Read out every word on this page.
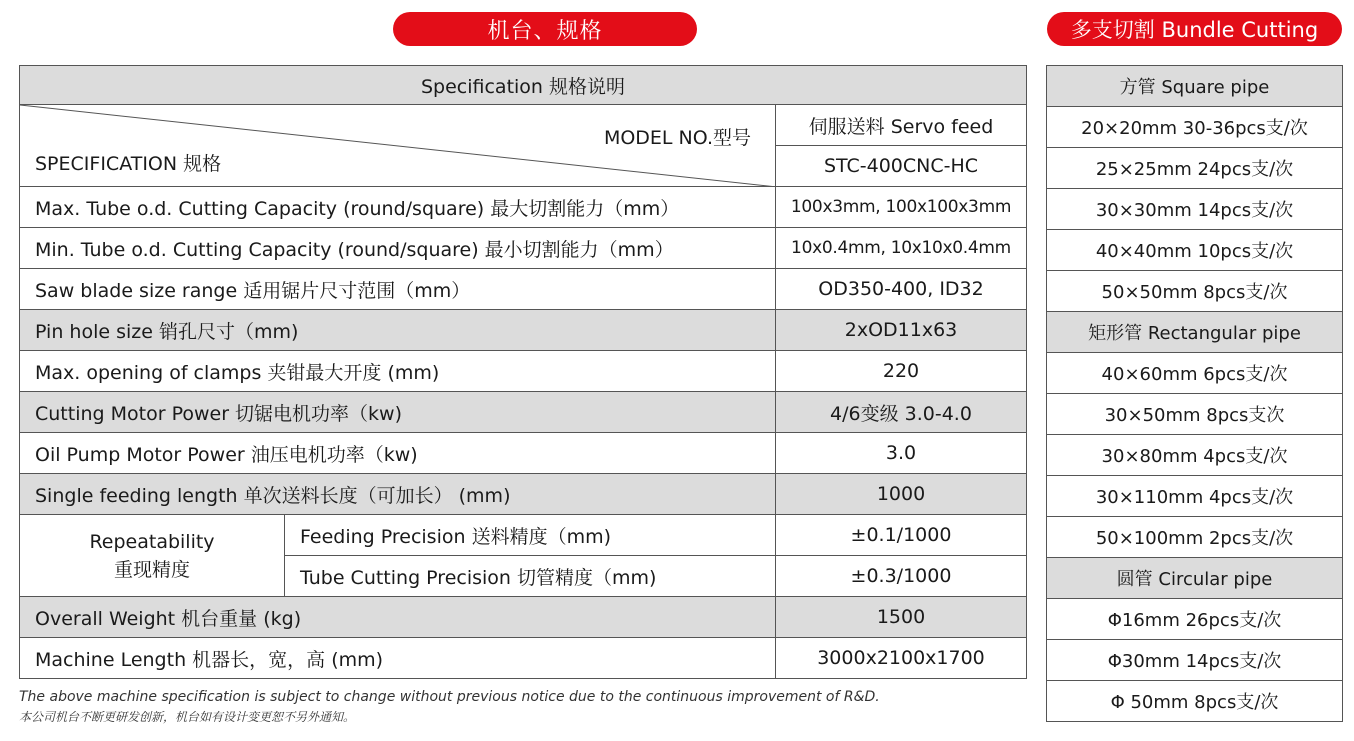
机台、规格	多支切割 Bundle Cutting
Specification 规格说明		

MODEL NO.型号
SPECIFICATION 规格		伺服送料 Servo feed
		STC-400CNC-HC
Max. Tube o.d. Cutting Capacity (round/square) 最大切割能力（mm）		100x3mm, 100x100x3mm
Min. Tube o.d. Cutting Capacity (round/square) 最小切割能力（mm）		10x0.4mm, 10x10x0.4mm
Saw blade size range 适用锯片尺寸范围（mm）		OD350-400, ID32
Pin hole size 销孔尺寸（mm)		2xOD11x63
Max. opening of clamps 夹钳最大开度 (mm)		220
Cutting Motor Power 切锯电机功率（kw)		4/6变级 3.0-4.0
Oil Pump Motor Power 油压电机功率（kw)		3.0
Single feeding length 单次送料长度（可加长） (mm)		1000

Repeatability
重现精度	Feeding Precision 送料精度（mm)	±0.1/1000
	Tube Cutting Precision 切管精度（mm)	±0.3/1000
Overall Weight 机台重量 (kg)		1500
Machine Length 机器长，宽，高 (mm)		3000x2100x1700
The above machine specification is subject to change without previous notice due to the continuous improvement of R&D.
本公司机台不断更研发创新，机台如有设计变更恕不另外通知。
方管 Square pipe
20×20mm 30-36pcs支/次
25×25mm 24pcs支/次
30×30mm 14pcs支/次
40×40mm 10pcs支/次
50×50mm 8pcs支/次
矩形管 Rectangular pipe
40×60mm 6pcs支/次
30×50mm 8pcs支次
30×80mm 4pcs支/次
30×110mm 4pcs支/次
50×100mm 2pcs支/次
圆管 Circular pipe
Φ16mm 26pcs支/次
Φ30mm 14pcs支/次
Φ 50mm 8pcs支/次
